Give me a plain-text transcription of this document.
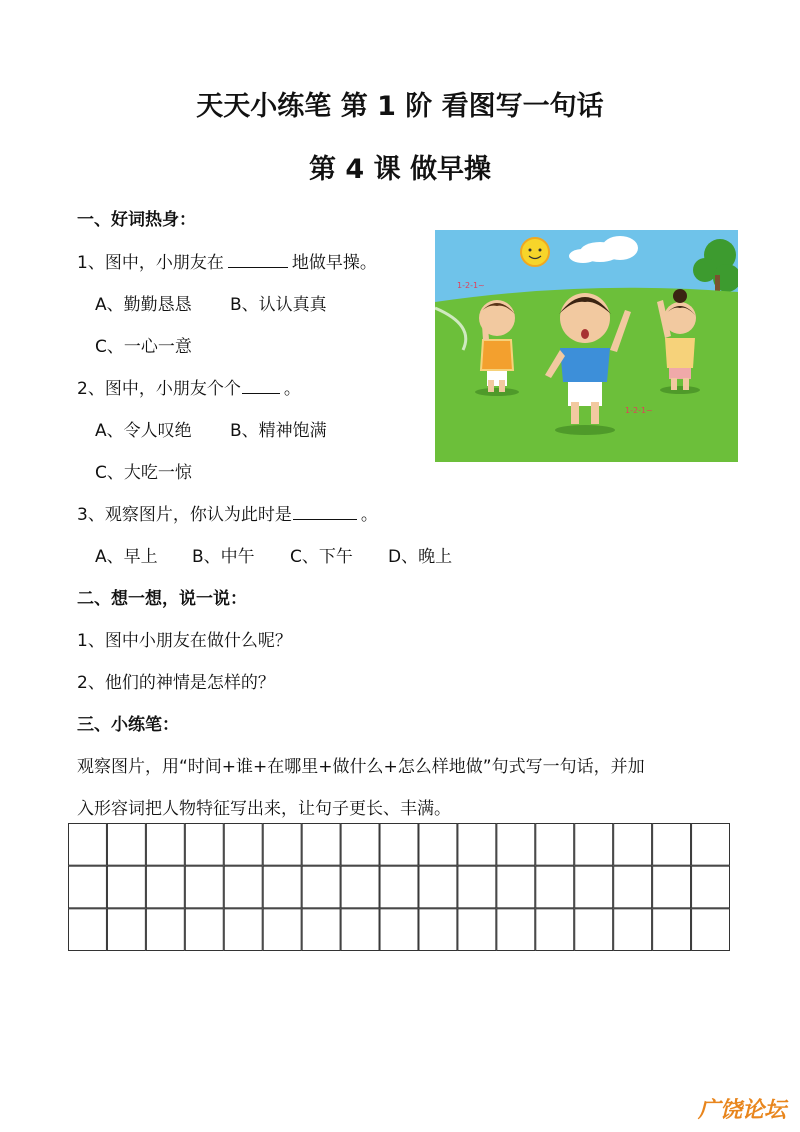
天天小练笔 第 1 阶 看图写一句话
第 4 课 做早操
一、好词热身：
1、图中，小朋友在	地做早操。
A、勤勤恳恳 B、认认真真
C、一心一意
2、图中，小朋友个个	。
A、令人叹绝 B、精神饱满
C、大吃一惊
3、观察图片，你认为此时是	。
A、早上 B、中午 C、下午 D、晚上
二、想一想，说一说：
1、图中小朋友在做什么呢？
2、他们的神情是怎样的？
三、小练笔：
观察图片，用“时间+谁+在哪里+做什么+怎么样地做”句式写一句话，并加
入形容词把人物特征写出来，让句子更长、丰满。
1-2-1~
1-2-1~
广饶论坛
